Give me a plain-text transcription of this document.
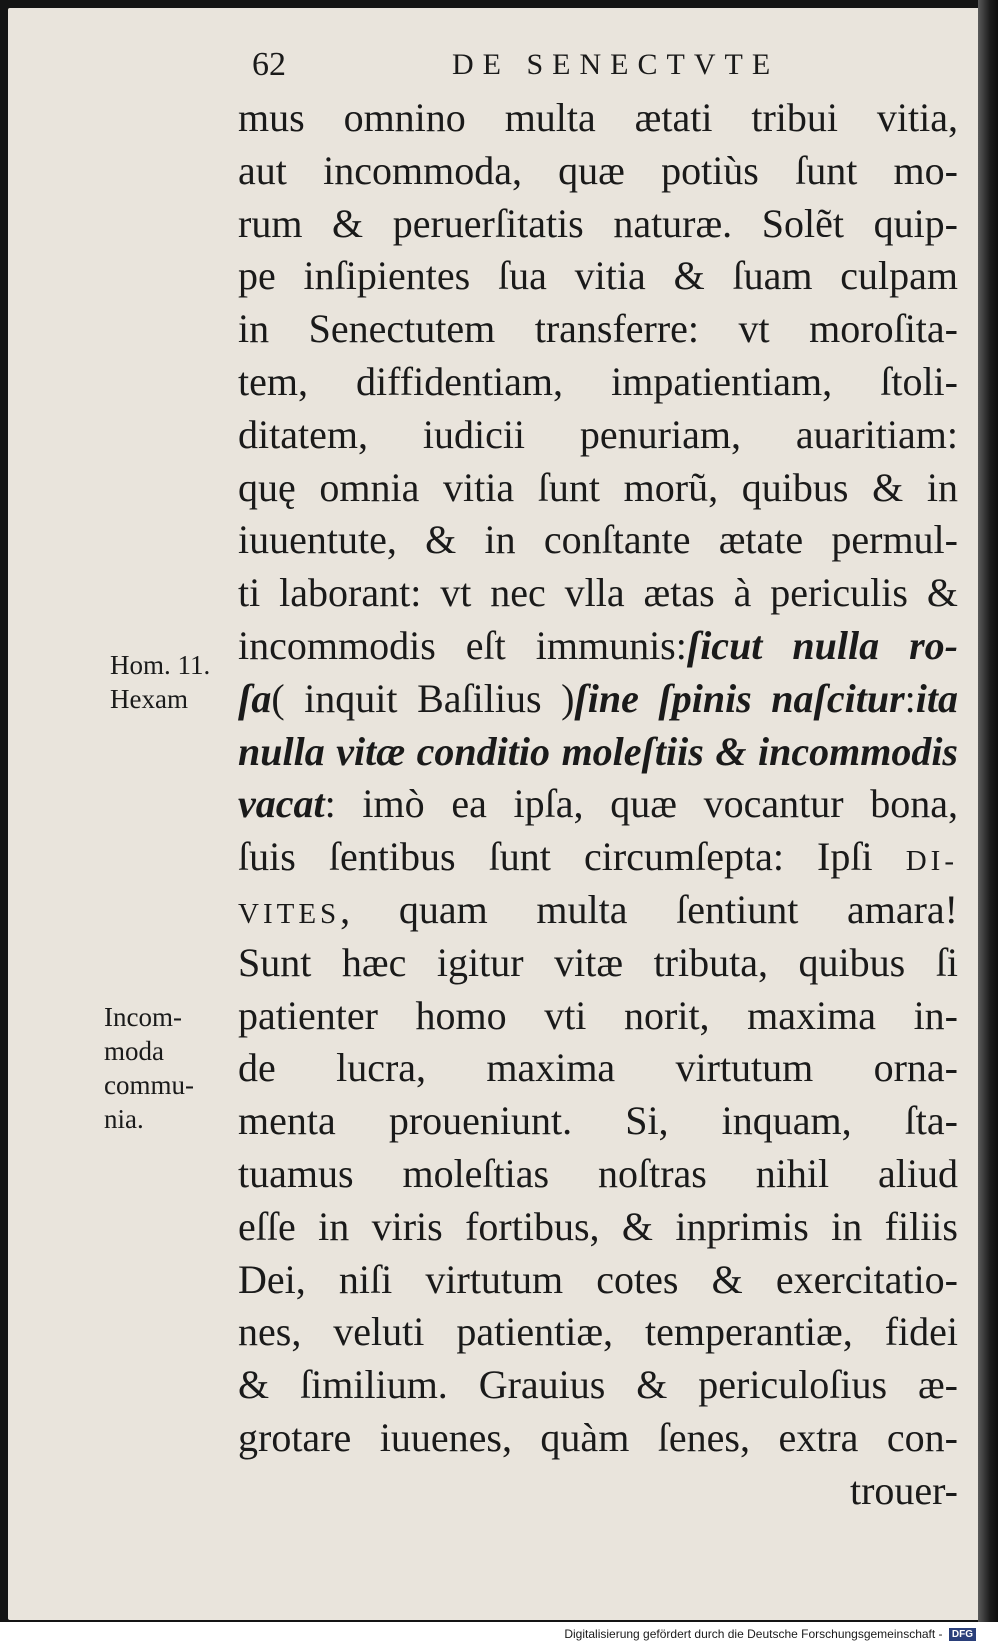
62	DE SENECTVTE
Hom. 11.
Hexam
Incom-
moda
commu-
nia.
mus omnino multa ætati tribui vitia,
aut incommoda, quæ potiùs ſunt mo-
rum & peruerſitatis naturæ. Solẽt quip-
pe inſipientes ſua vitia & ſuam culpam
in Senectutem transferre: vt moroſita-
tem, diffidentiam, impatientiam, ſtoli-
ditatem, iudicii penuriam, auaritiam:
quę omnia vitia ſunt morũ, quibus & in
iuuentute, & in conſtante ætate permul-
ti laborant: vt nec vlla ætas à periculis &
incommodis eſt immunis:ſicut nulla ro-
ſa( inquit Baſilius )ſine ſpinis naſcitur:ita
nulla vitæ conditio moleſtiis & incommodis
vacat: imò ea ipſa, quæ vocantur bona,
ſuis ſentibus ſunt circumſepta: Ipſi DI-
VITES, quam multa ſentiunt amara!
Sunt hæc igitur vitæ tributa, quibus ſi
patienter homo vti norit, maxima in-
de lucra, maxima virtutum orna-
menta proueniunt. Si, inquam, ſta-
tuamus moleſtias noſtras nihil aliud
eſſe in viris fortibus, & inprimis in filiis
Dei, niſi virtutum cotes & exercitatio-
nes, veluti patientiæ, temperantiæ, fidei
& ſimilium. Grauius & periculoſius æ-
grotare iuuenes, quàm ſenes, extra con-
trouer-
Digitalisierung gefördert durch die Deutsche Forschungsgemeinschaft - DFG
